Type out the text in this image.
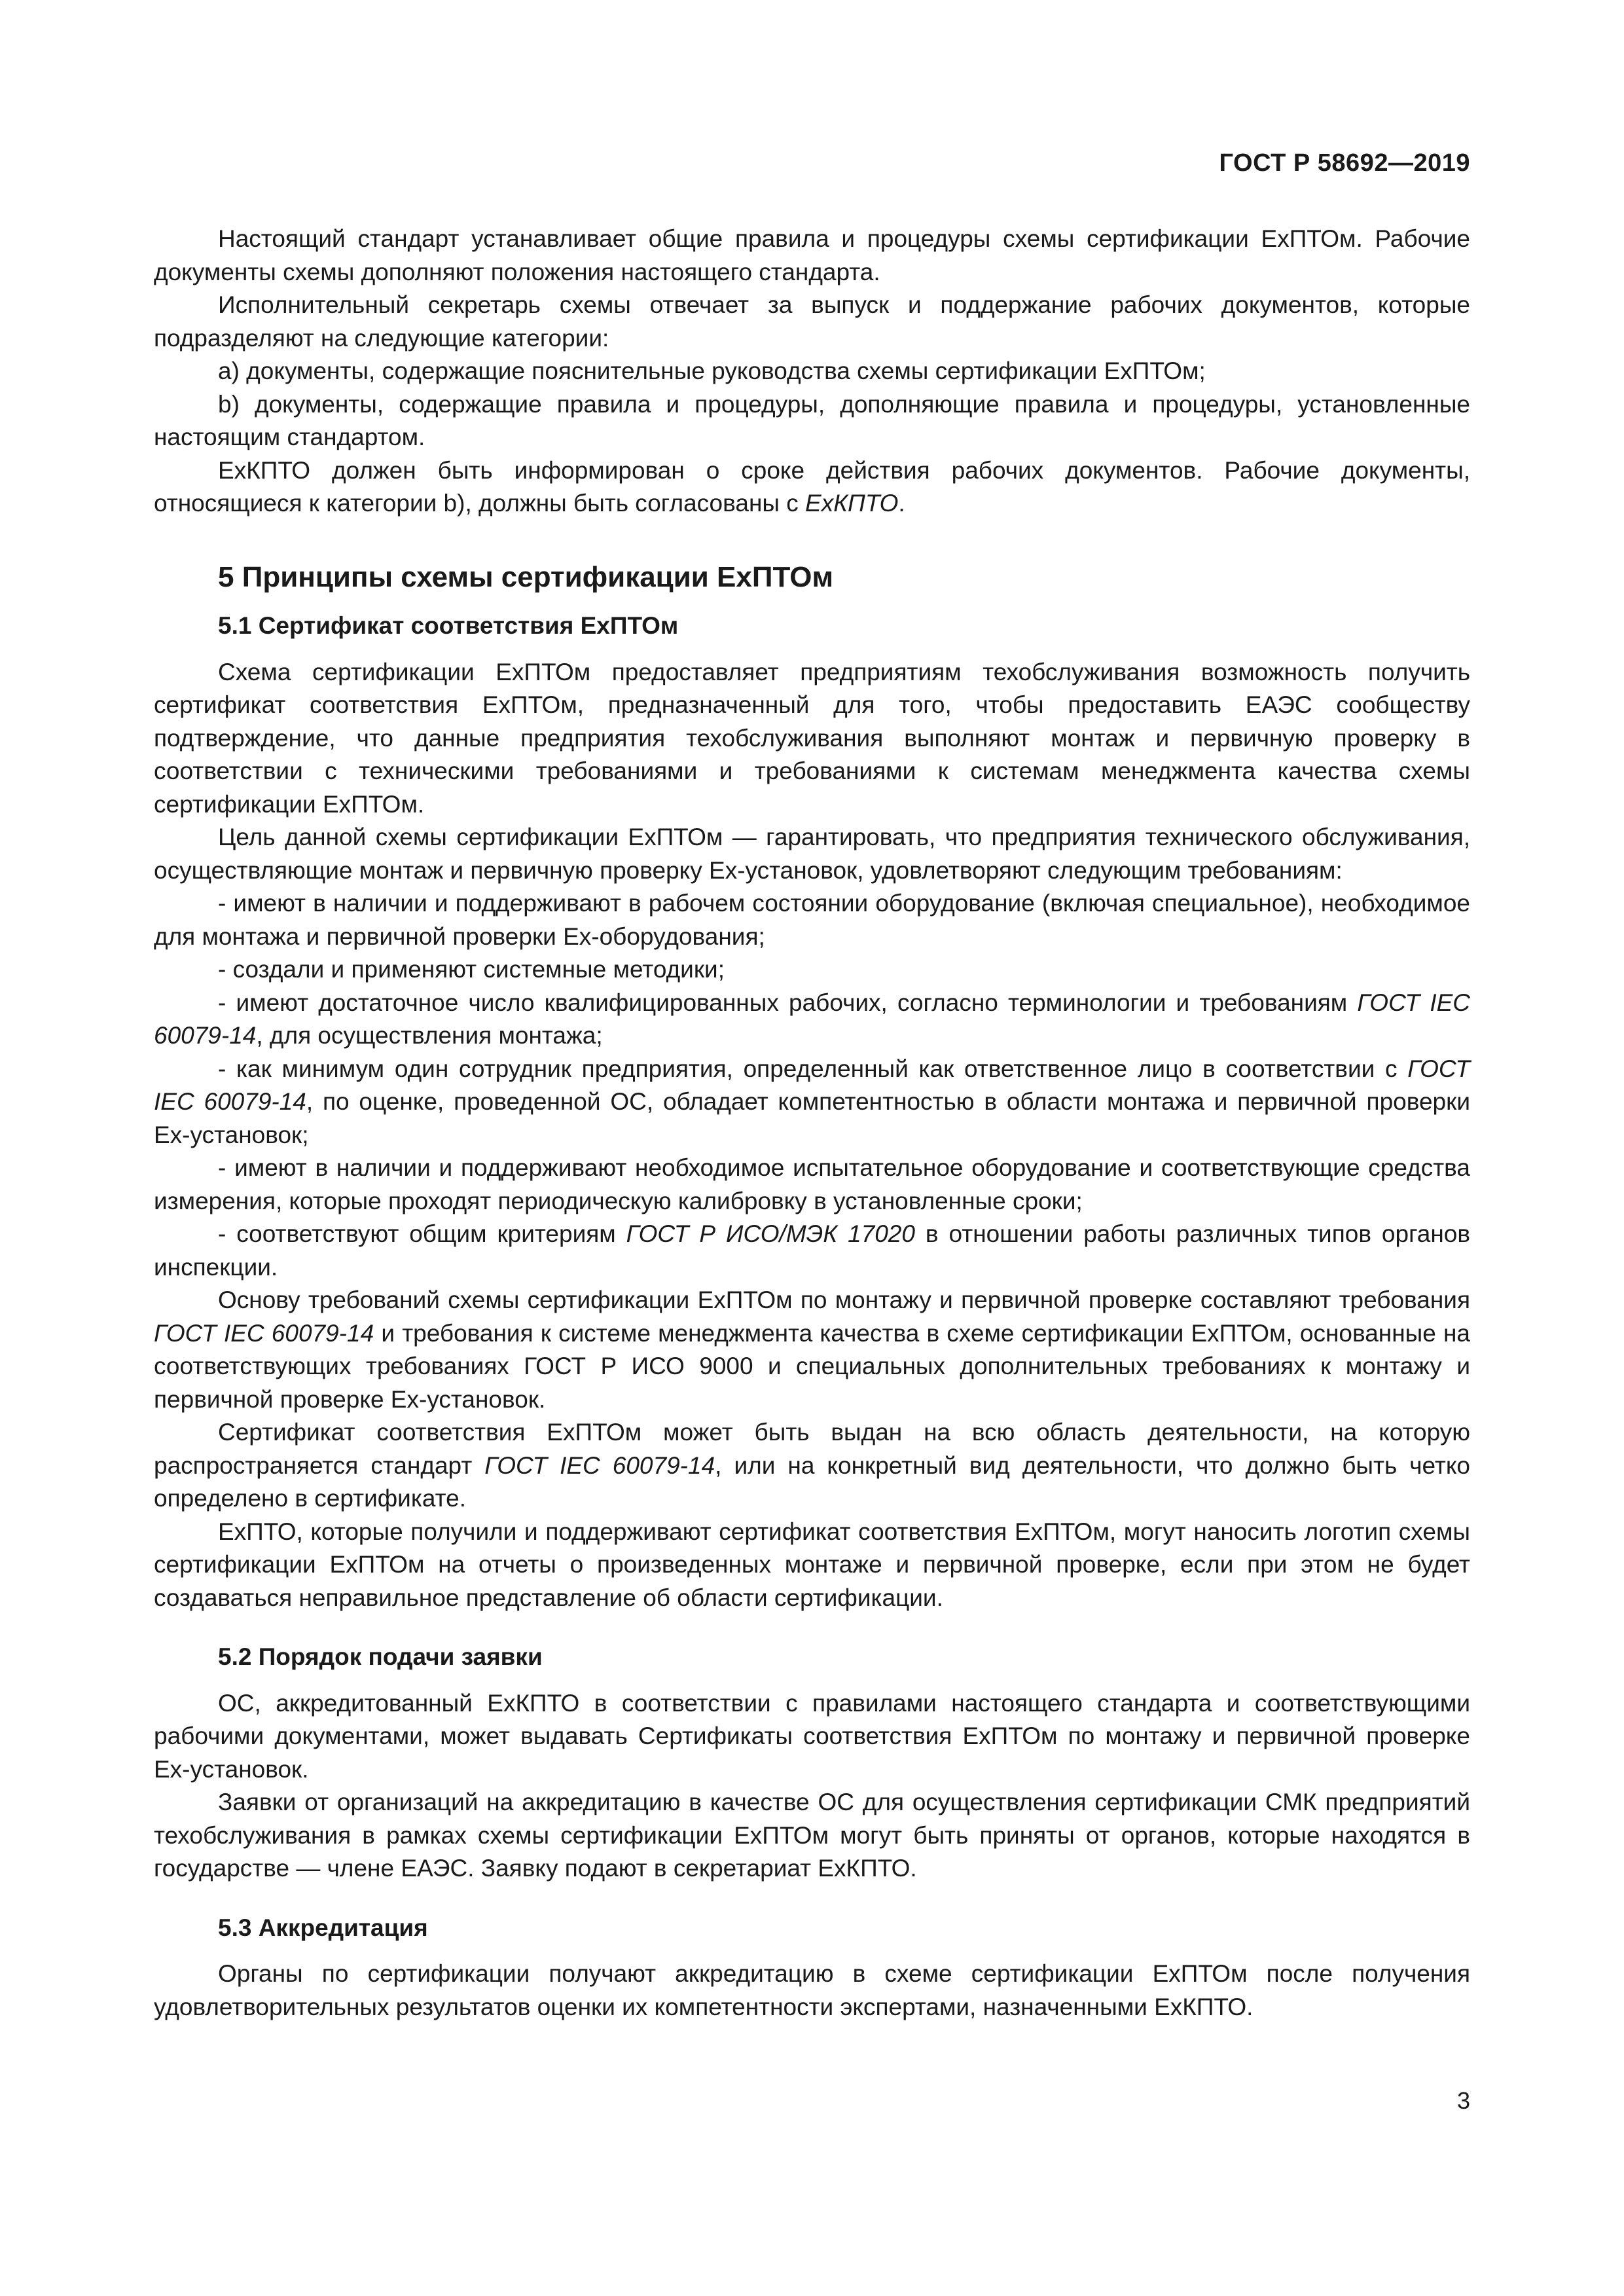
ГОСТ Р 58692—2019

Настоящий стандарт устанавливает общие правила и процедуры схемы сертификации ExПТОм. Рабочие документы схемы дополняют положения настоящего стандарта.

Исполнительный секретарь схемы отвечает за выпуск и поддержание рабочих документов, которые подразделяют на следующие категории:

а) документы, содержащие пояснительные руководства схемы сертификации ExПТОм;

b) документы, содержащие правила и процедуры, дополняющие правила и процедуры, установленные настоящим стандартом.

ExКПТО должен быть информирован о сроке действия рабочих документов. Рабочие документы, относящиеся к категории b), должны быть согласованы с ExКПТО.

5 Принципы схемы сертификации ExПТОм

5.1 Сертификат соответствия ExПТОм

Схема сертификации ExПТОм предоставляет предприятиям техобслуживания возможность получить сертификат соответствия ExПТОм, предназначенный для того, чтобы предоставить ЕАЭС сообществу подтверждение, что данные предприятия техобслуживания выполняют монтаж и первичную проверку в соответствии с техническими требованиями и требованиями к системам менеджмента качества схемы сертификации ExПТОм.

Цель данной схемы сертификации ExПТОм — гарантировать, что предприятия технического обслуживания, осуществляющие монтаж и первичную проверку Ex-установок, удовлетворяют следующим требованиям:

- имеют в наличии и поддерживают в рабочем состоянии оборудование (включая специальное), необходимое для монтажа и первичной проверки Ex-оборудования;

- создали и применяют системные методики;

- имеют достаточное число квалифицированных рабочих, согласно терминологии и требованиям ГОСТ IEC 60079-14, для осуществления монтажа;

- как минимум один сотрудник предприятия, определенный как ответственное лицо в соответствии с ГОСТ IEC 60079-14, по оценке, проведенной ОС, обладает компетентностью в области монтажа и первичной проверки Ex-установок;

- имеют в наличии и поддерживают необходимое испытательное оборудование и соответствующие средства измерения, которые проходят периодическую калибровку в установленные сроки;

- соответствуют общим критериям ГОСТ Р ИСО/МЭК 17020 в отношении работы различных типов органов инспекции.

Основу требований схемы сертификации ExПТОм по монтажу и первичной проверке составляют требования ГОСТ IEC 60079-14 и требования к системе менеджмента качества в схеме сертификации ExПТОм, основанные на соответствующих требованиях ГОСТ Р ИСО 9000 и специальных дополнительных требованиях к монтажу и первичной проверке Ex-установок.

Сертификат соответствия ExПТОм может быть выдан на всю область деятельности, на которую распространяется стандарт ГОСТ IEC 60079-14, или на конкретный вид деятельности, что должно быть четко определено в сертификате.

ExПТО, которые получили и поддерживают сертификат соответствия ExПТОм, могут наносить логотип схемы сертификации ExПТОм на отчеты о произведенных монтаже и первичной проверке, если при этом не будет создаваться неправильное представление об области сертификации.

5.2 Порядок подачи заявки

ОС, аккредитованный ExКПТО в соответствии с правилами настоящего стандарта и соответствующими рабочими документами, может выдавать Сертификаты соответствия ExПТОм по монтажу и первичной проверке Ex-установок.

Заявки от организаций на аккредитацию в качестве ОС для осуществления сертификации СМК предприятий техобслуживания в рамках схемы сертификации ExПТОм могут быть приняты от органов, которые находятся в государстве — члене ЕАЭС. Заявку подают в секретариат ExКПТО.

5.3 Аккредитация

Органы по сертификации получают аккредитацию в схеме сертификации ExПТОм после получения удовлетворительных результатов оценки их компетентности экспертами, назначенными ExКПТО.

3
